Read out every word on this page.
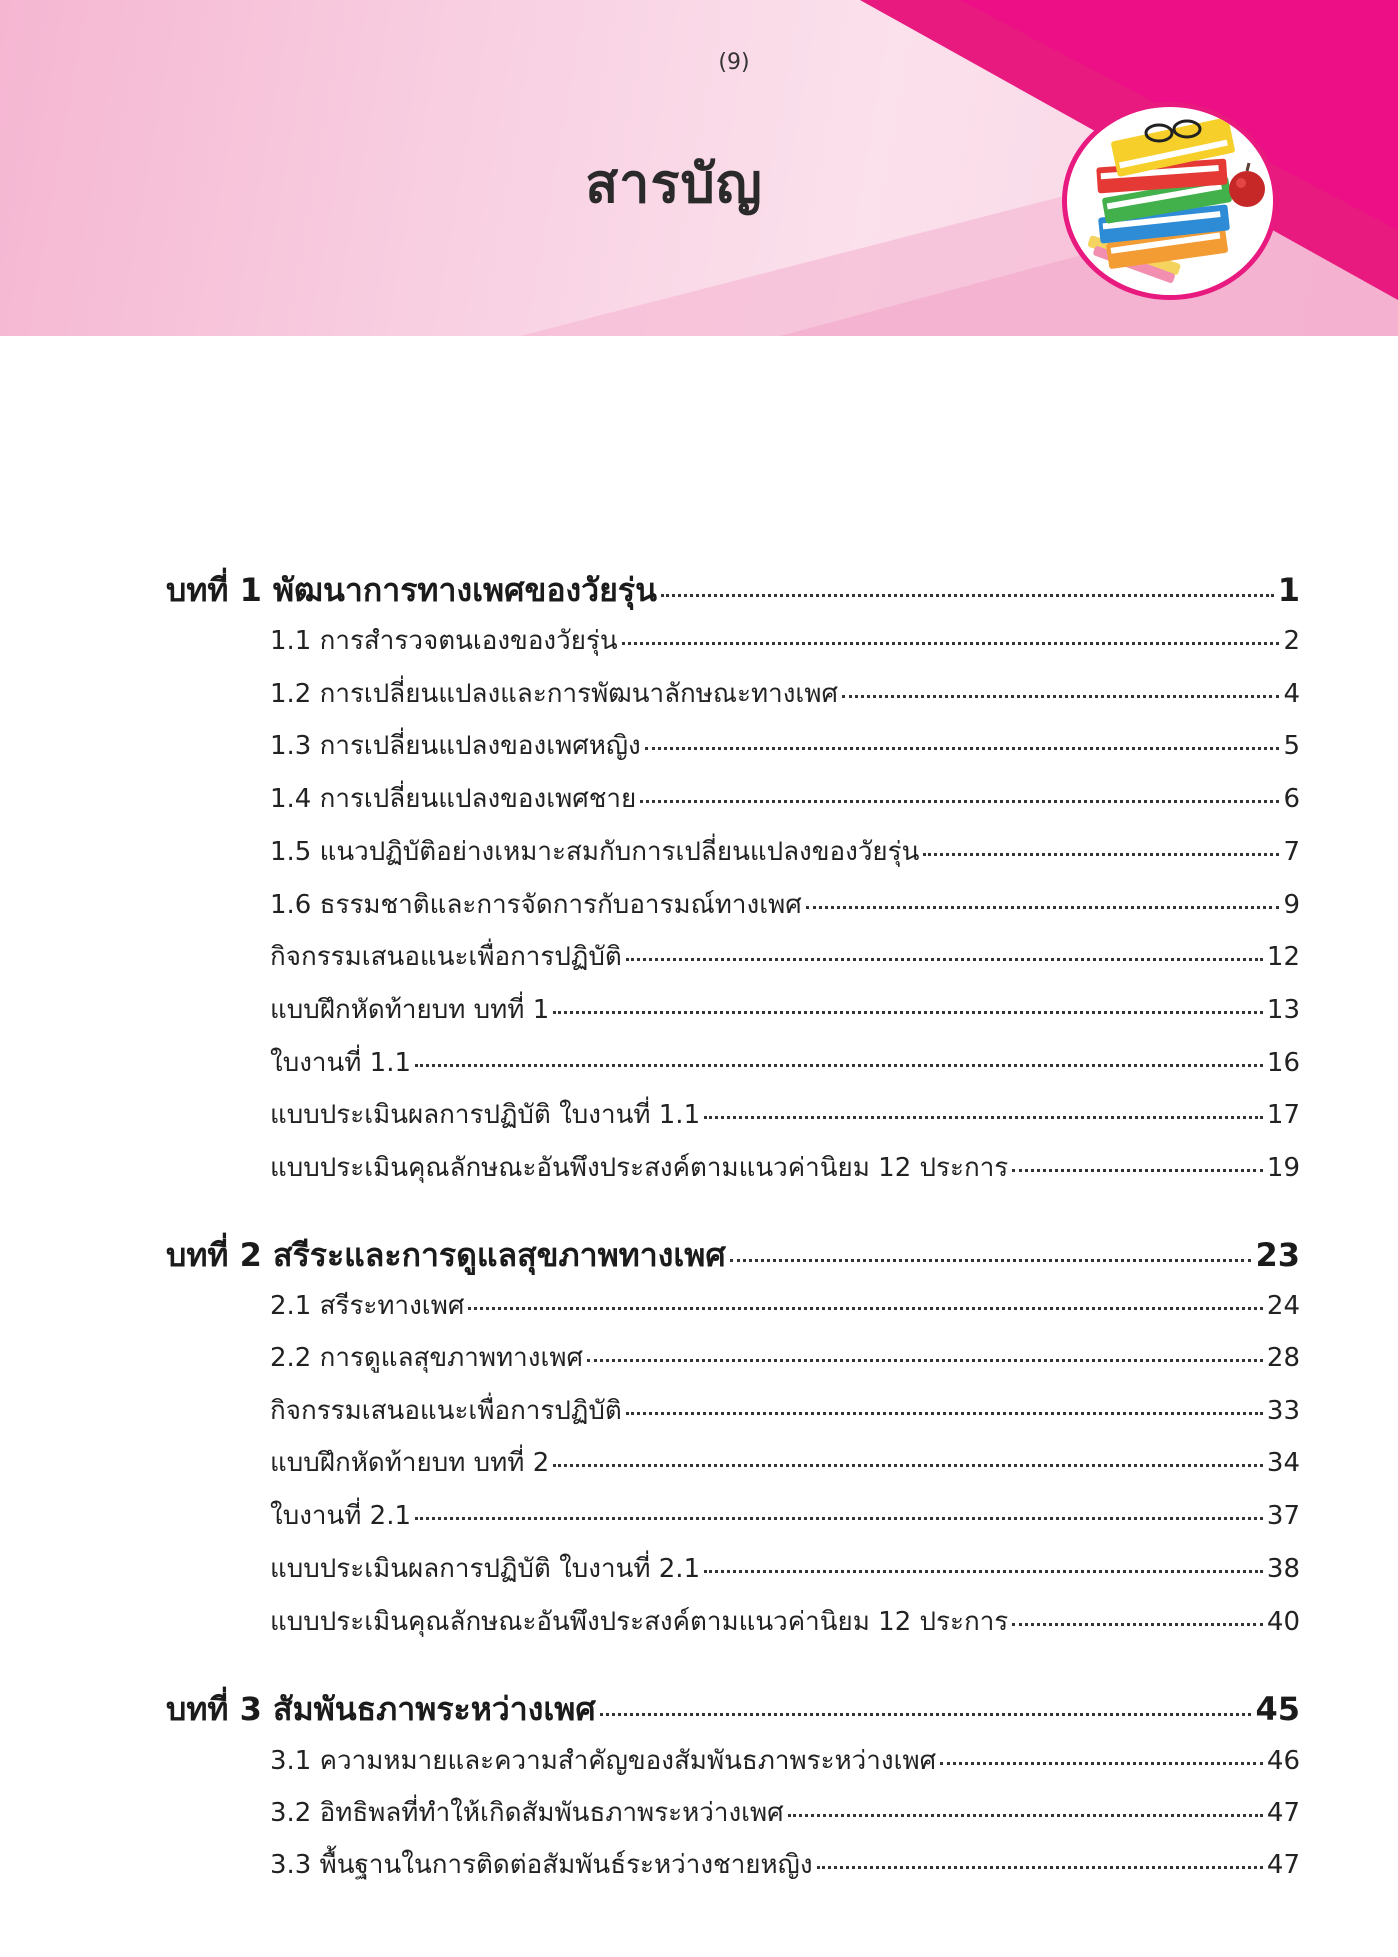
(9)
สารบัญ
บทที่ 1 พัฒนาการทางเพศของวัยรุ่น	1
1.1 การสำรวจตนเองของวัยรุ่น	2
1.2 การเปลี่ยนแปลงและการพัฒนาลักษณะทางเพศ	4
1.3 การเปลี่ยนแปลงของเพศหญิง	5
1.4 การเปลี่ยนแปลงของเพศชาย	6
1.5 แนวปฏิบัติอย่างเหมาะสมกับการเปลี่ยนแปลงของวัยรุ่น	7
1.6 ธรรมชาติและการจัดการกับอารมณ์ทางเพศ	9
กิจกรรมเสนอแนะเพื่อการปฏิบัติ	12
แบบฝึกหัดท้ายบท บทที่ 1	13
ใบงานที่ 1.1	16
แบบประเมินผลการปฏิบัติ ใบงานที่ 1.1	17
แบบประเมินคุณลักษณะอันพึงประสงค์ตามแนวค่านิยม 12 ประการ	19
บทที่ 2 สรีระและการดูแลสุขภาพทางเพศ	23
2.1 สรีระทางเพศ	24
2.2 การดูแลสุขภาพทางเพศ	28
กิจกรรมเสนอแนะเพื่อการปฏิบัติ	33
แบบฝึกหัดท้ายบท บทที่ 2	34
ใบงานที่ 2.1	37
แบบประเมินผลการปฏิบัติ ใบงานที่ 2.1	38
แบบประเมินคุณลักษณะอันพึงประสงค์ตามแนวค่านิยม 12 ประการ	40
บทที่ 3 สัมพันธภาพระหว่างเพศ	45
3.1 ความหมายและความสำคัญของสัมพันธภาพระหว่างเพศ	46
3.2 อิทธิพลที่ทำให้เกิดสัมพันธภาพระหว่างเพศ	47
3.3 พื้นฐานในการติดต่อสัมพันธ์ระหว่างชายหญิง	47
